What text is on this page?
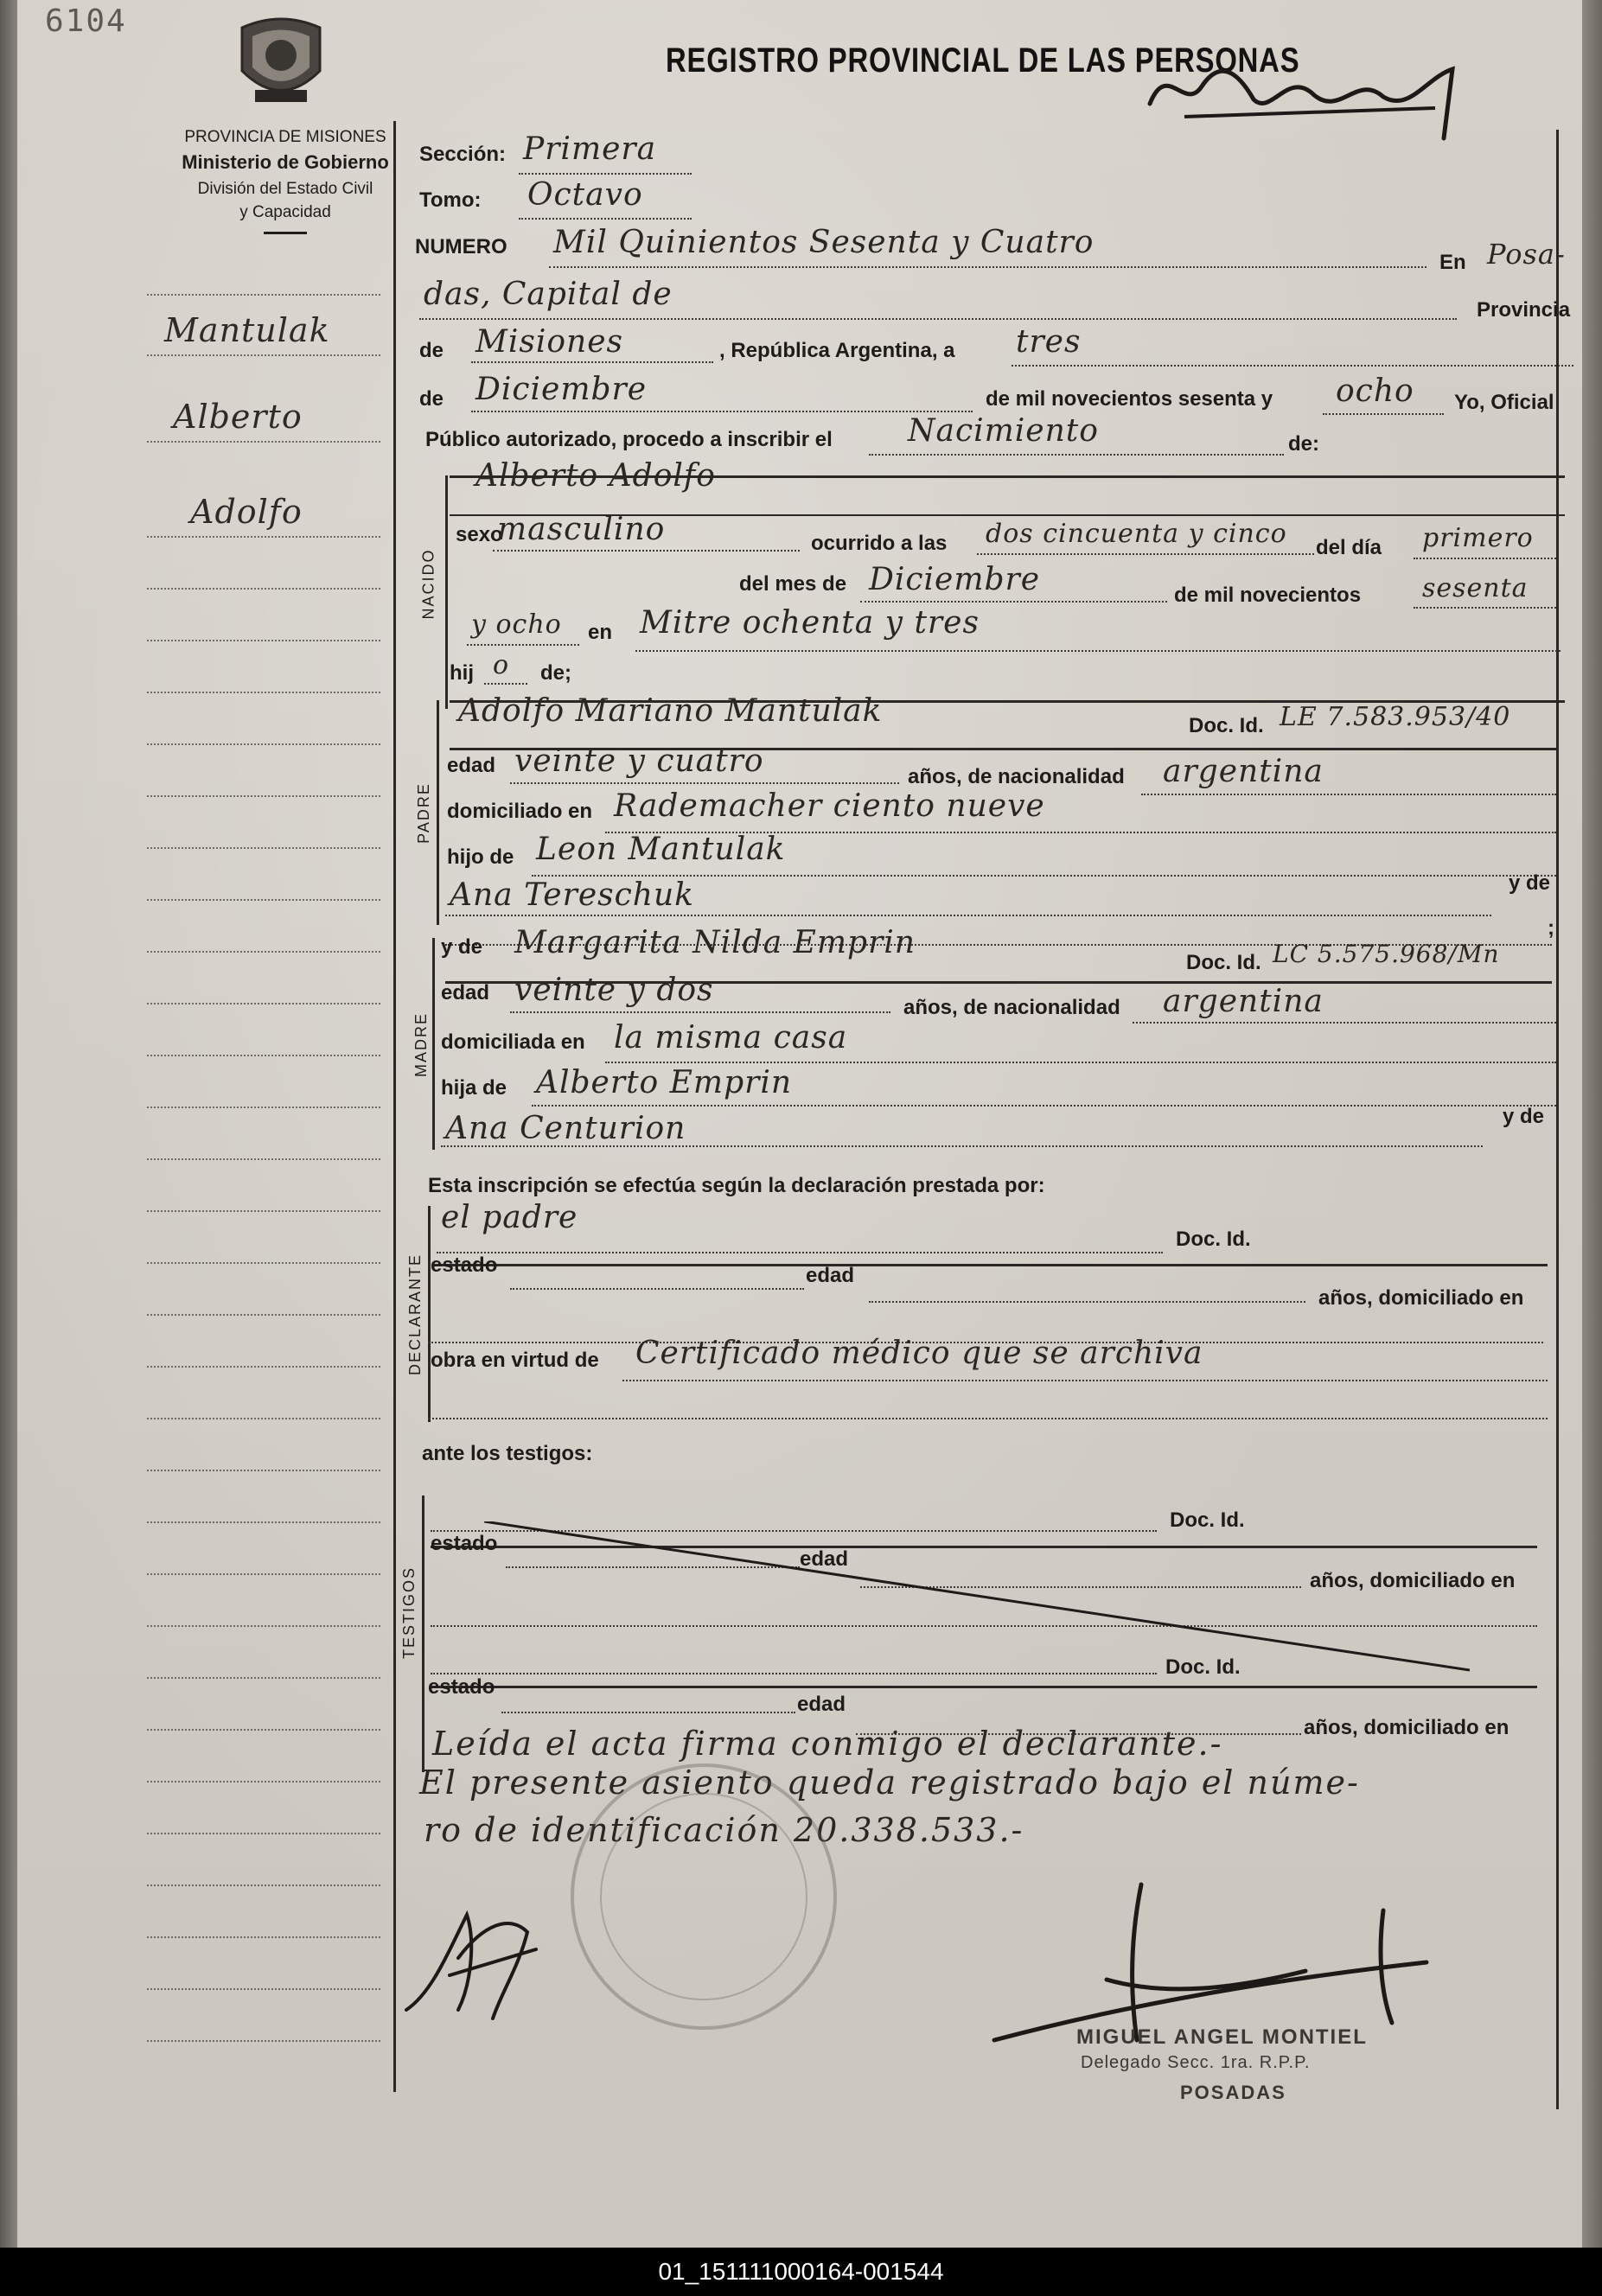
6104
PROVINCIA DE MISIONES
Ministerio de Gobierno
División del Estado Civil
y Capacidad
REGISTRO PROVINCIAL DE LAS PERSONAS
Mantulak
Alberto
Adolfo
Sección: Primera
Tomo: Octavo
NUMERO Mil Quinientos Sesenta y Cuatro
En Posa-
das, Capital de	Provincia
de Misiones	, República Argentina, a tres
de Diciembre	de mil novecientos sesenta y ocho Yo, Oficial
Público autorizado, procedo a inscribir el Nacimiento	de:
NACIDO
Alberto Adolfo
sexo
masculino	ocurrido a las dos cincuenta y cinco del día primero
del mes de Diciembre	de mil novecientos sesenta
y ocho en Mitre ochenta y tres
hij o de;
PADRE
Adolfo Mariano Mantulak	Doc. Id. LE 7.583.953/40
edad veinte y cuatro	años, de nacionalidad argentina
domiciliado en Rademacher ciento nueve
hijo de Leon Mantulak
Ana Tereschuk	y de
;
MADRE
y de Margarita Nilda Emprin
Doc. Id. LC 5.575.968/Mn
edad veinte y dos	años, de nacionalidad argentina
domiciliada en la misma casa
hija de Alberto Emprin
Ana Centurion	y de
Esta inscripción se efectúa según la declaración prestada por:
DECLARANTE
el padre
Doc. Id.
estado	edad
años, domiciliado en
obra en virtud de Certificado médico que se archiva
ante los testigos:
TESTIGOS
Doc. Id.
estado
edad
años, domiciliado en
Doc. Id.
estado
edad
años, domiciliado en
Leída el acta firma conmigo el declarante.-
El presente asiento queda registrado bajo el núme-
ro de identificación 20.338.533.-
MIGUEL ANGEL MONTIEL
Delegado Secc. 1ra. R.P.P.
POSADAS
01_151111000164-001544
